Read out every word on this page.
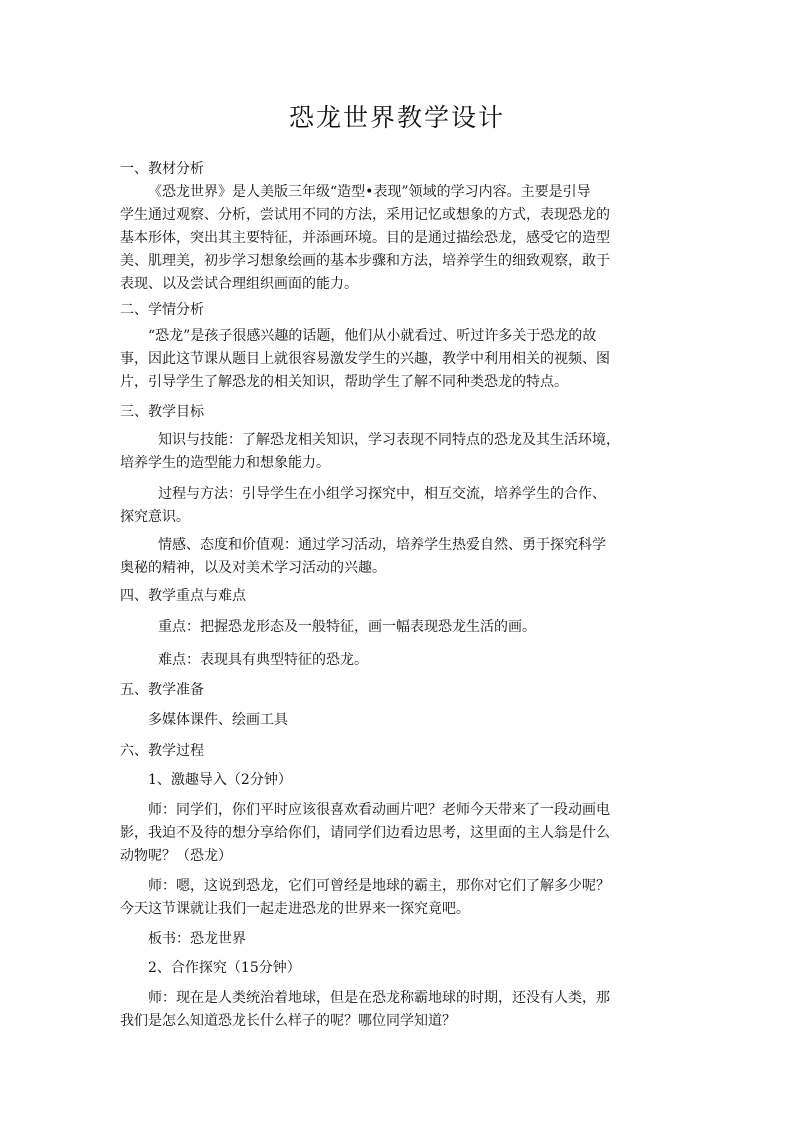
恐龙世界教学设计
一、教材分析
《恐龙世界》是人美版三年级“造型•表现”领域的学习内容。主要是引导
学生通过观察、分析，尝试用不同的方法，采用记忆或想象的方式，表现恐龙的
基本形体，突出其主要特征，并添画环境。目的是通过描绘恐龙，感受它的造型
美、肌理美，初步学习想象绘画的基本步骤和方法，培养学生的细致观察，敢于
表现、以及尝试合理组织画面的能力。
二、学情分析
“恐龙”是孩子很感兴趣的话题，他们从小就看过、听过许多关于恐龙的故
事，因此这节课从题目上就很容易激发学生的兴趣，教学中利用相关的视频、图
片，引导学生了解恐龙的相关知识，帮助学生了解不同种类恐龙的特点。
三、教学目标
知识与技能：了解恐龙相关知识，学习表现不同特点的恐龙及其生活环境，
培养学生的造型能力和想象能力。
过程与方法：引导学生在小组学习探究中，相互交流，培养学生的合作、
探究意识。
情感、态度和价值观：通过学习活动，培养学生热爱自然、勇于探究科学
奥秘的精神，以及对美术学习活动的兴趣。
四、教学重点与难点
重点：把握恐龙形态及一般特征，画一幅表现恐龙生活的画。
难点：表现具有典型特征的恐龙。
五、教学准备
多媒体课件、绘画工具
六、教学过程
1、激趣导入（2分钟）
师：同学们，你们平时应该很喜欢看动画片吧？老师今天带来了一段动画电
影，我迫不及待的想分享给你们，请同学们边看边思考，这里面的主人翁是什么
动物呢？（恐龙）
师：嗯，这说到恐龙，它们可曾经是地球的霸主，那你对它们了解多少呢？
今天这节课就让我们一起走进恐龙的世界来一探究竟吧。
板书：恐龙世界
2、合作探究（15分钟）
师：现在是人类统治着地球，但是在恐龙称霸地球的时期，还没有人类，那
我们是怎么知道恐龙长什么样子的呢？哪位同学知道？
